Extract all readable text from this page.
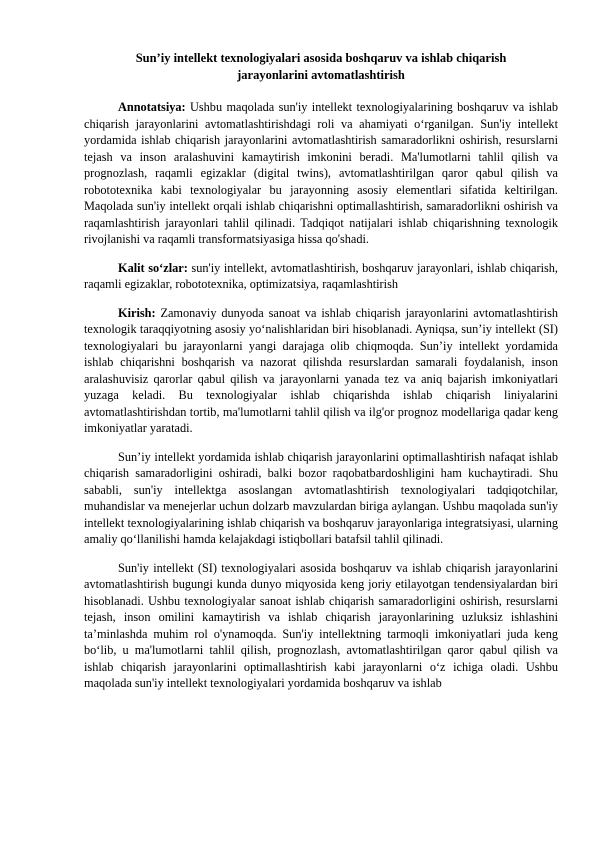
Sun’iy intellekt texnologiyalari asosida boshqaruv va ishlab chiqarish
jarayonlarini avtomatlashtirish

Annotatsiya: Ushbu maqolada sun'iy intellekt texnologiyalarining boshqaruv va ishlab chiqarish jarayonlarini avtomatlashtirishdagi roli va ahamiyati o‘rganilgan. Sun'iy intellekt yordamida ishlab chiqarish jarayonlarini avtomatlashtirish samaradorlikni oshirish, resurslarni tejash va inson aralashuvini kamaytirish imkonini beradi. Ma'lumotlarni tahlil qilish va prognozlash, raqamli egizaklar (digital twins), avtomatlashtirilgan qaror qabul qilish va robototexnika kabi texnologiyalar bu jarayonning asosiy elementlari sifatida keltirilgan. Maqolada sun'iy intellekt orqali ishlab chiqarishni optimallashtirish, samaradorlikni oshirish va raqamlashtirish jarayonlari tahlil qilinadi. Tadqiqot natijalari ishlab chiqarishning texnologik rivojlanishi va raqamli transformatsiyasiga hissa qo'shadi.

Kalit so‘zlar: sun'iy intellekt, avtomatlashtirish, boshqaruv jarayonlari, ishlab chiqarish, raqamli egizaklar, robototexnika, optimizatsiya, raqamlashtirish

Kirish: Zamonaviy dunyoda sanoat va ishlab chiqarish jarayonlarini avtomatlashtirish texnologik taraqqiyotning asosiy yo‘nalishlaridan biri hisoblanadi. Ayniqsa, sun’iy intellekt (SI) texnologiyalari bu jarayonlarni yangi darajaga olib chiqmoqda. Sun’iy intellekt yordamida ishlab chiqarishni boshqarish va nazorat qilishda resurslardan samarali foydalanish, inson aralashuvisiz qarorlar qabul qilish va jarayonlarni yanada tez va aniq bajarish imkoniyatlari yuzaga keladi. Bu texnologiyalar ishlab chiqarishda ishlab chiqarish liniyalarini avtomatlashtirishdan tortib, ma'lumotlarni tahlil qilish va ilg'or prognoz modellariga qadar keng imkoniyatlar yaratadi.

Sun’iy intellekt yordamida ishlab chiqarish jarayonlarini optimallashtirish nafaqat ishlab chiqarish samaradorligini oshiradi, balki bozor raqobatbardoshligini ham kuchaytiradi. Shu sababli, sun'iy intellektga asoslangan avtomatlashtirish texnologiyalari tadqiqotchilar, muhandislar va menejerlar uchun dolzarb mavzulardan biriga aylangan. Ushbu maqolada sun'iy intellekt texnologiyalarining ishlab chiqarish va boshqaruv jarayonlariga integratsiyasi, ularning amaliy qo‘llanilishi hamda kelajakdagi istiqbollari batafsil tahlil qilinadi.

Sun'iy intellekt (SI) texnologiyalari asosida boshqaruv va ishlab chiqarish jarayonlarini avtomatlashtirish bugungi kunda dunyo miqyosida keng joriy etilayotgan tendensiyalardan biri hisoblanadi. Ushbu texnologiyalar sanoat ishlab chiqarish samaradorligini oshirish, resurslarni tejash, inson omilini kamaytirish va ishlab chiqarish jarayonlarining uzluksiz ishlashini ta’minlashda muhim rol o'ynamoqda. Sun'iy intellektning tarmoqli imkoniyatlari juda keng bo‘lib, u ma'lumotlarni tahlil qilish, prognozlash, avtomatlashtirilgan qaror qabul qilish va ishlab chiqarish jarayonlarini optimallashtirish kabi jarayonlarni o‘z ichiga oladi. Ushbu maqolada sun'iy intellekt texnologiyalari yordamida boshqaruv va ishlab
